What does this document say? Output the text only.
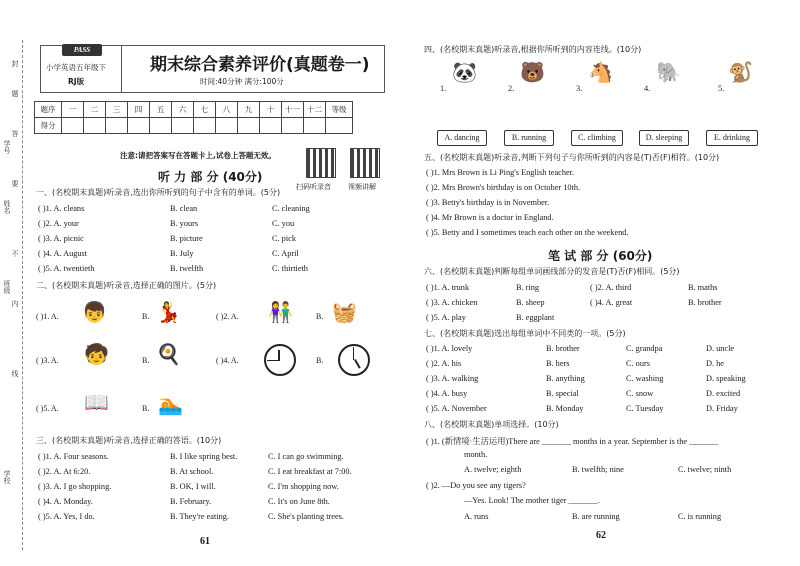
学号
姓名
班级
封
线
内
不
要
答
题
学校
PASS
小学英语五年级下
RJ版
期末综合素养评价(真题卷一)
时间:40分钟 满分:100分
题序	一	二	三	四	五	六	七	八	九	十	十一	十二	等级
得分													
注意:请把答案写在答题卡上,试卷上答题无效。
扫码听录音 视频讲解
听 力 部 分 (40分)
一、(名校期末真题)听录音,选出你所听到的句子中含有的单词。(5分)
( )1. A. cleans	B. clean	C. cleaning
( )2. A. your	B. yours	C. you
( )3. A. picnic	B. picture	C. pick
( )4. A. August	B. July	C. April
( )5. A. twentieth	B. twelfth	C. thirtieth
二、(名校期末真题)听录音,选择正确的图片。(5分)
( )1. A. 👦	B. 💃	( )2. A. 👫	B. 🧺
( )3. A. 🧒	B. 🍳	( )4. A.	B.
( )5. A. 📖	B. 🏊
三、(名校期末真题)听录音,选择正确的答语。(10分)
( )1. A. Four seasons.	B. I like spring best.	C. I can go swimming.
( )2. A. At 6:20.	B. At school.	C. I eat breakfast at 7:00.
( )3. A. I go shopping.	B. OK, I will.	C. I'm shopping now.
( )4. A. Monday.	B. February.	C. It's on June 8th.
( )5. A. Yes, I do.	B. They're eating.	C. She's planting trees.
61
四、(名校期末真题)听录音,根据你所听到的内容连线。(10分)
🐼 🐻 🐴 🐘 🐒
1.	2.	3.	4.	5.
A. dancing	B. running	C. climbing	D. sleeping	E. drinking
五、(名校期末真题)听录音,判断下列句子与你所听到的内容是(T)否(F)相符。(10分)
( )1. Mrs Brown is Li Ping's English teacher.
( )2. Mrs Brown's birthday is on October 10th.
( )3. Betty's birthday is in November.
( )4. Mr Brown is a doctor in England.
( )5. Betty and I sometimes teach each other on the weekend.
笔 试 部 分 (60分)
六、(名校期末真题)判断每组单词画线部分的发音是(T)否(F)相同。(5分)
( )1. A. trunk	B. ring	( )2. A. third	B. maths
( )3. A. chicken	B. sheep	( )4. A. great	B. brother
( )5. A. play	B. eggplant
七、(名校期末真题)选出每组单词中不同类的一项。(5分)
( )1. A. lovely	B. brother	C. grandpa	D. uncle
( )2. A. his	B. hers	C. ours	D. he
( )3. A. walking	B. anything	C. washing	D. speaking
( )4. A. busy	B. special	C. snow	D. excited
( )5. A. November	B. Monday	C. Tuesday	D. Friday
八、(名校期末真题)单项选择。(10分)
( )1. (新情境·生活运用)There are _______ months in a year. September is the _______
month.
A. twelve; eighth	B. twelfth; nine	C. twelve; ninth
( )2. —Do you see any tigers?
—Yes. Look! The mother tiger _______.
A. runs	B. are running	C. is running
62
